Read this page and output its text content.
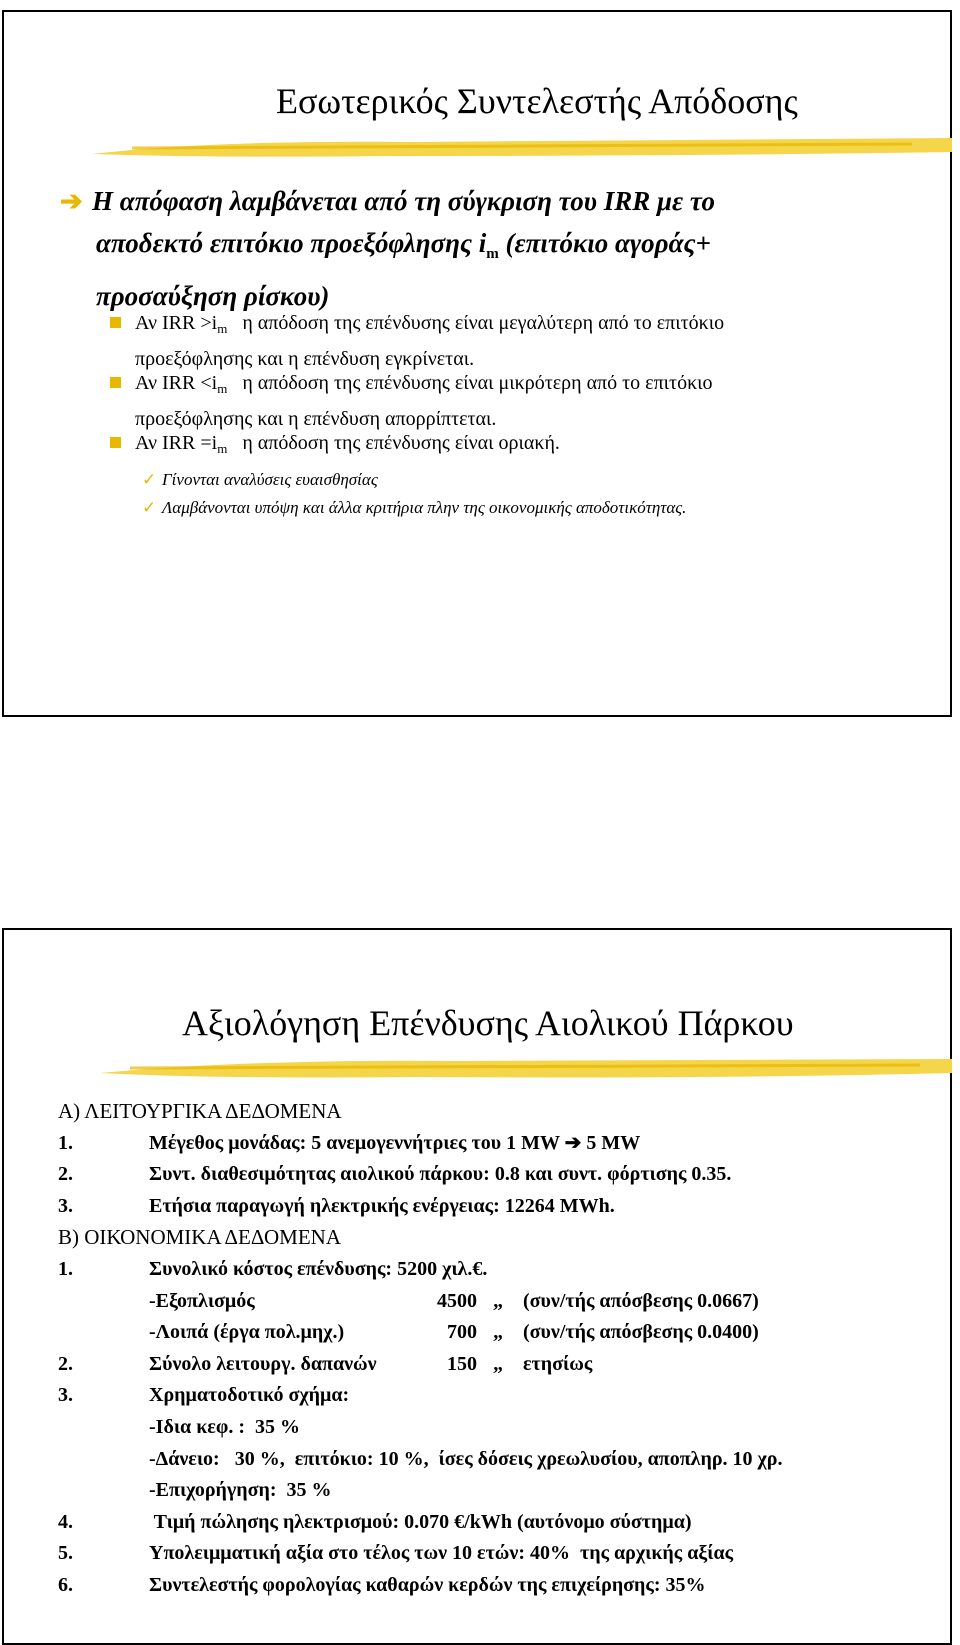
Εσωτερικός Συντελεστής Απόδοσης
➔ Η απόφαση λαμβάνεται από τη σύγκριση του IRR με το
αποδεκτό επιτόκιο προεξόφλησης $i_m$ (επιτόκιο αγοράς+
προσαύξηση ρίσκου)
Αν IRR $>i_m$   η απόδοση της επένδυσης είναι μεγαλύτερη από το επιτόκιο
προεξόφλησης και η επένδυση εγκρίνεται.
Αν IRR $<i_m$   η απόδοση της επένδυσης είναι μικρότερη από το επιτόκιο
προεξόφλησης και η επένδυση απορρίπτεται.
Αν IRR $=i_m$   η απόδοση της επένδυσης είναι οριακή.
✓ Γίνονται αναλύσεις ευαισθησίας
✓ Λαμβάνονται υπόψη και άλλα κριτήρια πλην της οικονομικής αποδοτικότητας.
Αξιολόγηση Επένδυσης Αιολικού Πάρκου
Α) ΛΕΙΤΟΥΡΓΙΚΑ ΔΕΔΟΜΕΝΑ
1.	Μέγεθος μονάδας: 5 ανεμογεννήτριες του 1 MW ➔ 5 MW
2.	Συντ. διαθεσιμότητας αιολικού πάρκου: 0.8 και συντ. φόρτισης 0.35.
3.	Ετήσια παραγωγή ηλεκτρικής ενέργειας: 12264 MWh.
Β) ΟΙΚΟΝΟΜΙΚΑ ΔΕΔΟΜΕΝΑ
1.	Συνολικό κόστος επένδυσης: 5200 χιλ.€.
-Εξοπλισμός	4500 „ (συν/τής απόσβεσης 0.0667)
-Λοιπά (έργα πολ.μηχ.)	700 „ (συν/τής απόσβεσης 0.0400)
2.	Σύνολο λειτουργ. δαπανών	150 „ ετησίως
3.	Χρηματοδοτικό σχήμα:
-Ιδια κεφ. :  35 %
-Δάνειο:   30 %,  επιτόκιο: 10 %,  ίσες δόσεις χρεωλυσίου, αποπληρ. 10 χρ.
-Επιχορήγηση:  35 %
4.	Τιμή πώλησης ηλεκτρισμού: 0.070 €/kWh (αυτόνομο σύστημα)
5.	Υπολειμματική αξία στο τέλος των 10 ετών: 40%  της αρχικής αξίας
6.	Συντελεστής φορολογίας καθαρών κερδών της επιχείρησης: 35%
